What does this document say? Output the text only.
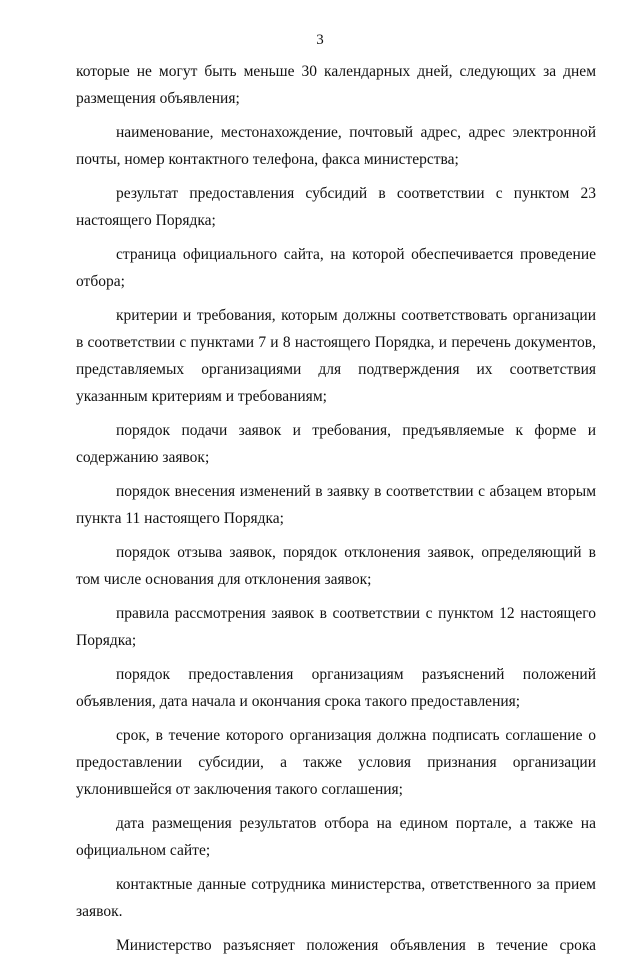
3

которые не могут быть меньше 30 календарных дней, следующих за днем размещения объявления;

наименование, местонахождение, почтовый адрес, адрес электронной почты, номер контактного телефона, факса министерства;

результат предоставления субсидий в соответствии с пунктом 23 настоящего Порядка;

страница официального сайта, на которой обеспечивается проведение отбора;

критерии и требования, которым должны соответствовать организации в соответствии с пунктами 7 и 8 настоящего Порядка, и перечень документов, представляемых организациями для подтверждения их соответствия указанным критериям и требованиям;

порядок подачи заявок и требования, предъявляемые к форме и содержанию заявок;

порядок внесения изменений в заявку в соответствии с абзацем вторым пункта 11 настоящего Порядка;

порядок отзыва заявок, порядок отклонения заявок, определяющий в том числе основания для отклонения заявок;

правила рассмотрения заявок в соответствии с пунктом 12 настоящего Порядка;

порядок предоставления организациям разъяснений положений объявления, дата начала и окончания срока такого предоставления;

срок, в течение которого организация должна подписать соглашение о предоставлении субсидии, а также условия признания организации уклонившейся от заключения такого соглашения;

дата размещения результатов отбора на едином портале, а также на официальном сайте;

контактные данные сотрудника министерства, ответственного за прием заявок.

Министерство разъясняет положения объявления в течение срока
